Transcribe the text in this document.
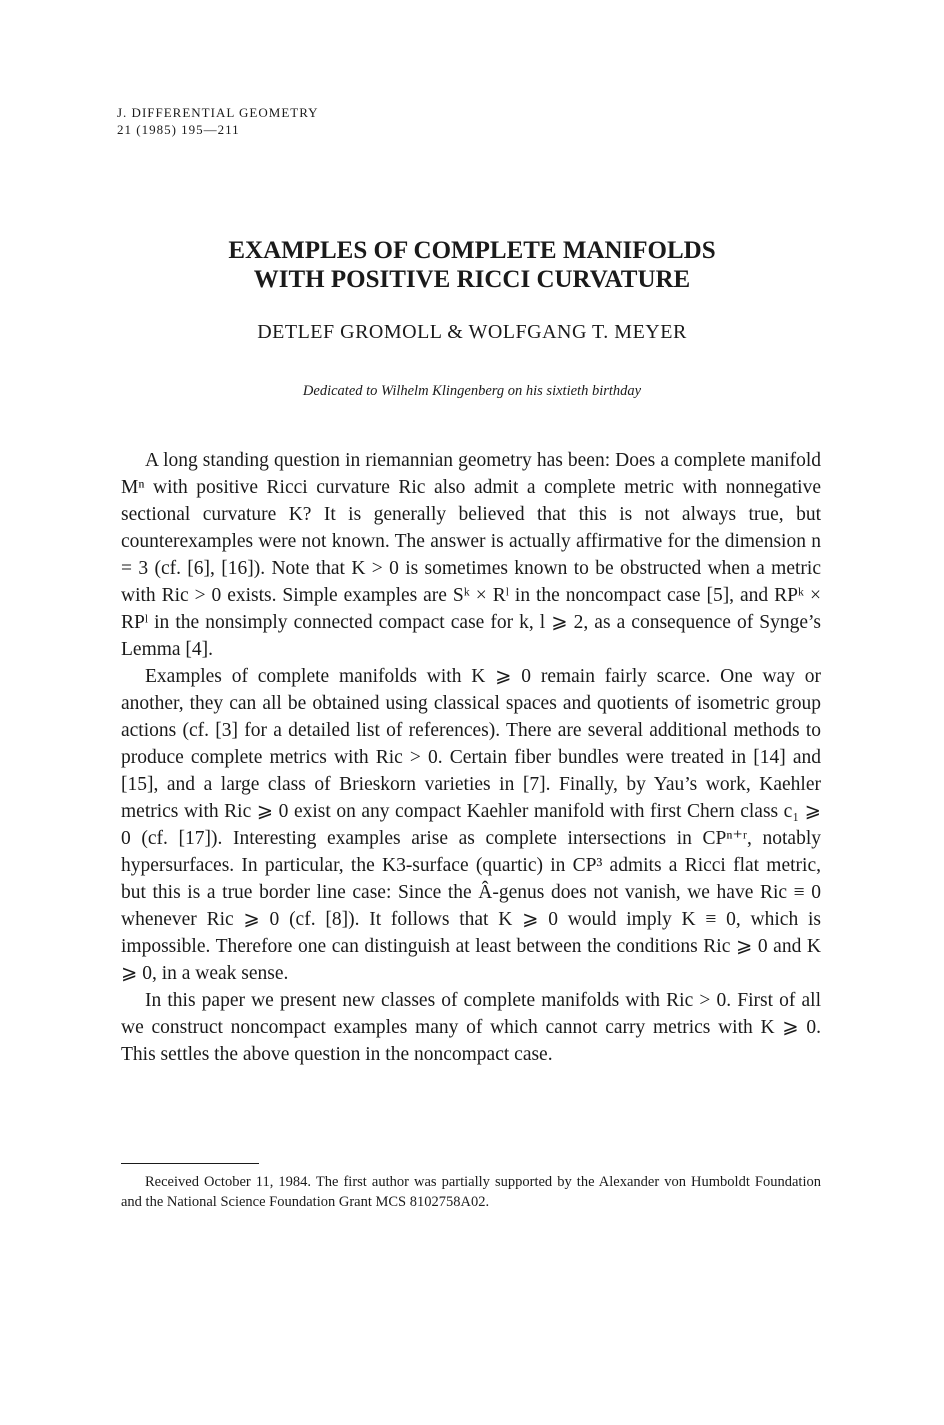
J. DIFFERENTIAL GEOMETRY
21 (1985) 195—211
EXAMPLES OF COMPLETE MANIFOLDS
WITH POSITIVE RICCI CURVATURE
DETLEF GROMOLL & WOLFGANG T. MEYER
Dedicated to Wilhelm Klingenberg on his sixtieth birthday

A long standing question in riemannian geometry has been: Does a complete manifold Mⁿ with positive Ricci curvature Ric also admit a complete metric with nonnegative sectional curvature K? It is generally believed that this is not always true, but counterexamples were not known. The answer is actually affirmative for the dimension n = 3 (cf. [6], [16]). Note that K > 0 is sometimes known to be obstructed when a metric with Ric > 0 exists. Simple examples are Sᵏ × Rˡ in the noncompact case [5], and RPᵏ × RPˡ in the nonsimply connected compact case for k, l ⩾ 2, as a consequence of Synge’s Lemma [4].

Examples of complete manifolds with K ⩾ 0 remain fairly scarce. One way or another, they can all be obtained using classical spaces and quotients of isometric group actions (cf. [3] for a detailed list of references). There are several additional methods to produce complete metrics with Ric > 0. Certain fiber bundles were treated in [14] and [15], and a large class of Brieskorn varieties in [7]. Finally, by Yau’s work, Kaehler metrics with Ric ⩾ 0 exist on any compact Kaehler manifold with first Chern class c₁ ⩾ 0 (cf. [17]). Interesting examples arise as complete intersections in CPⁿ⁺ʳ, notably hypersurfaces. In particular, the K3-surface (quartic) in CP³ admits a Ricci flat metric, but this is a true border line case: Since the Â-genus does not vanish, we have Ric ≡ 0 whenever Ric ⩾ 0 (cf. [8]). It follows that K ⩾ 0 would imply K ≡ 0, which is impossible. Therefore one can distinguish at least between the conditions Ric ⩾ 0 and K ⩾ 0, in a weak sense.

In this paper we present new classes of complete manifolds with Ric > 0. First of all we construct noncompact examples many of which cannot carry metrics with K ⩾ 0. This settles the above question in the noncompact case.

Received October 11, 1984. The first author was partially supported by the Alexander von Humboldt Foundation and the National Science Foundation Grant MCS 8102758A02.
